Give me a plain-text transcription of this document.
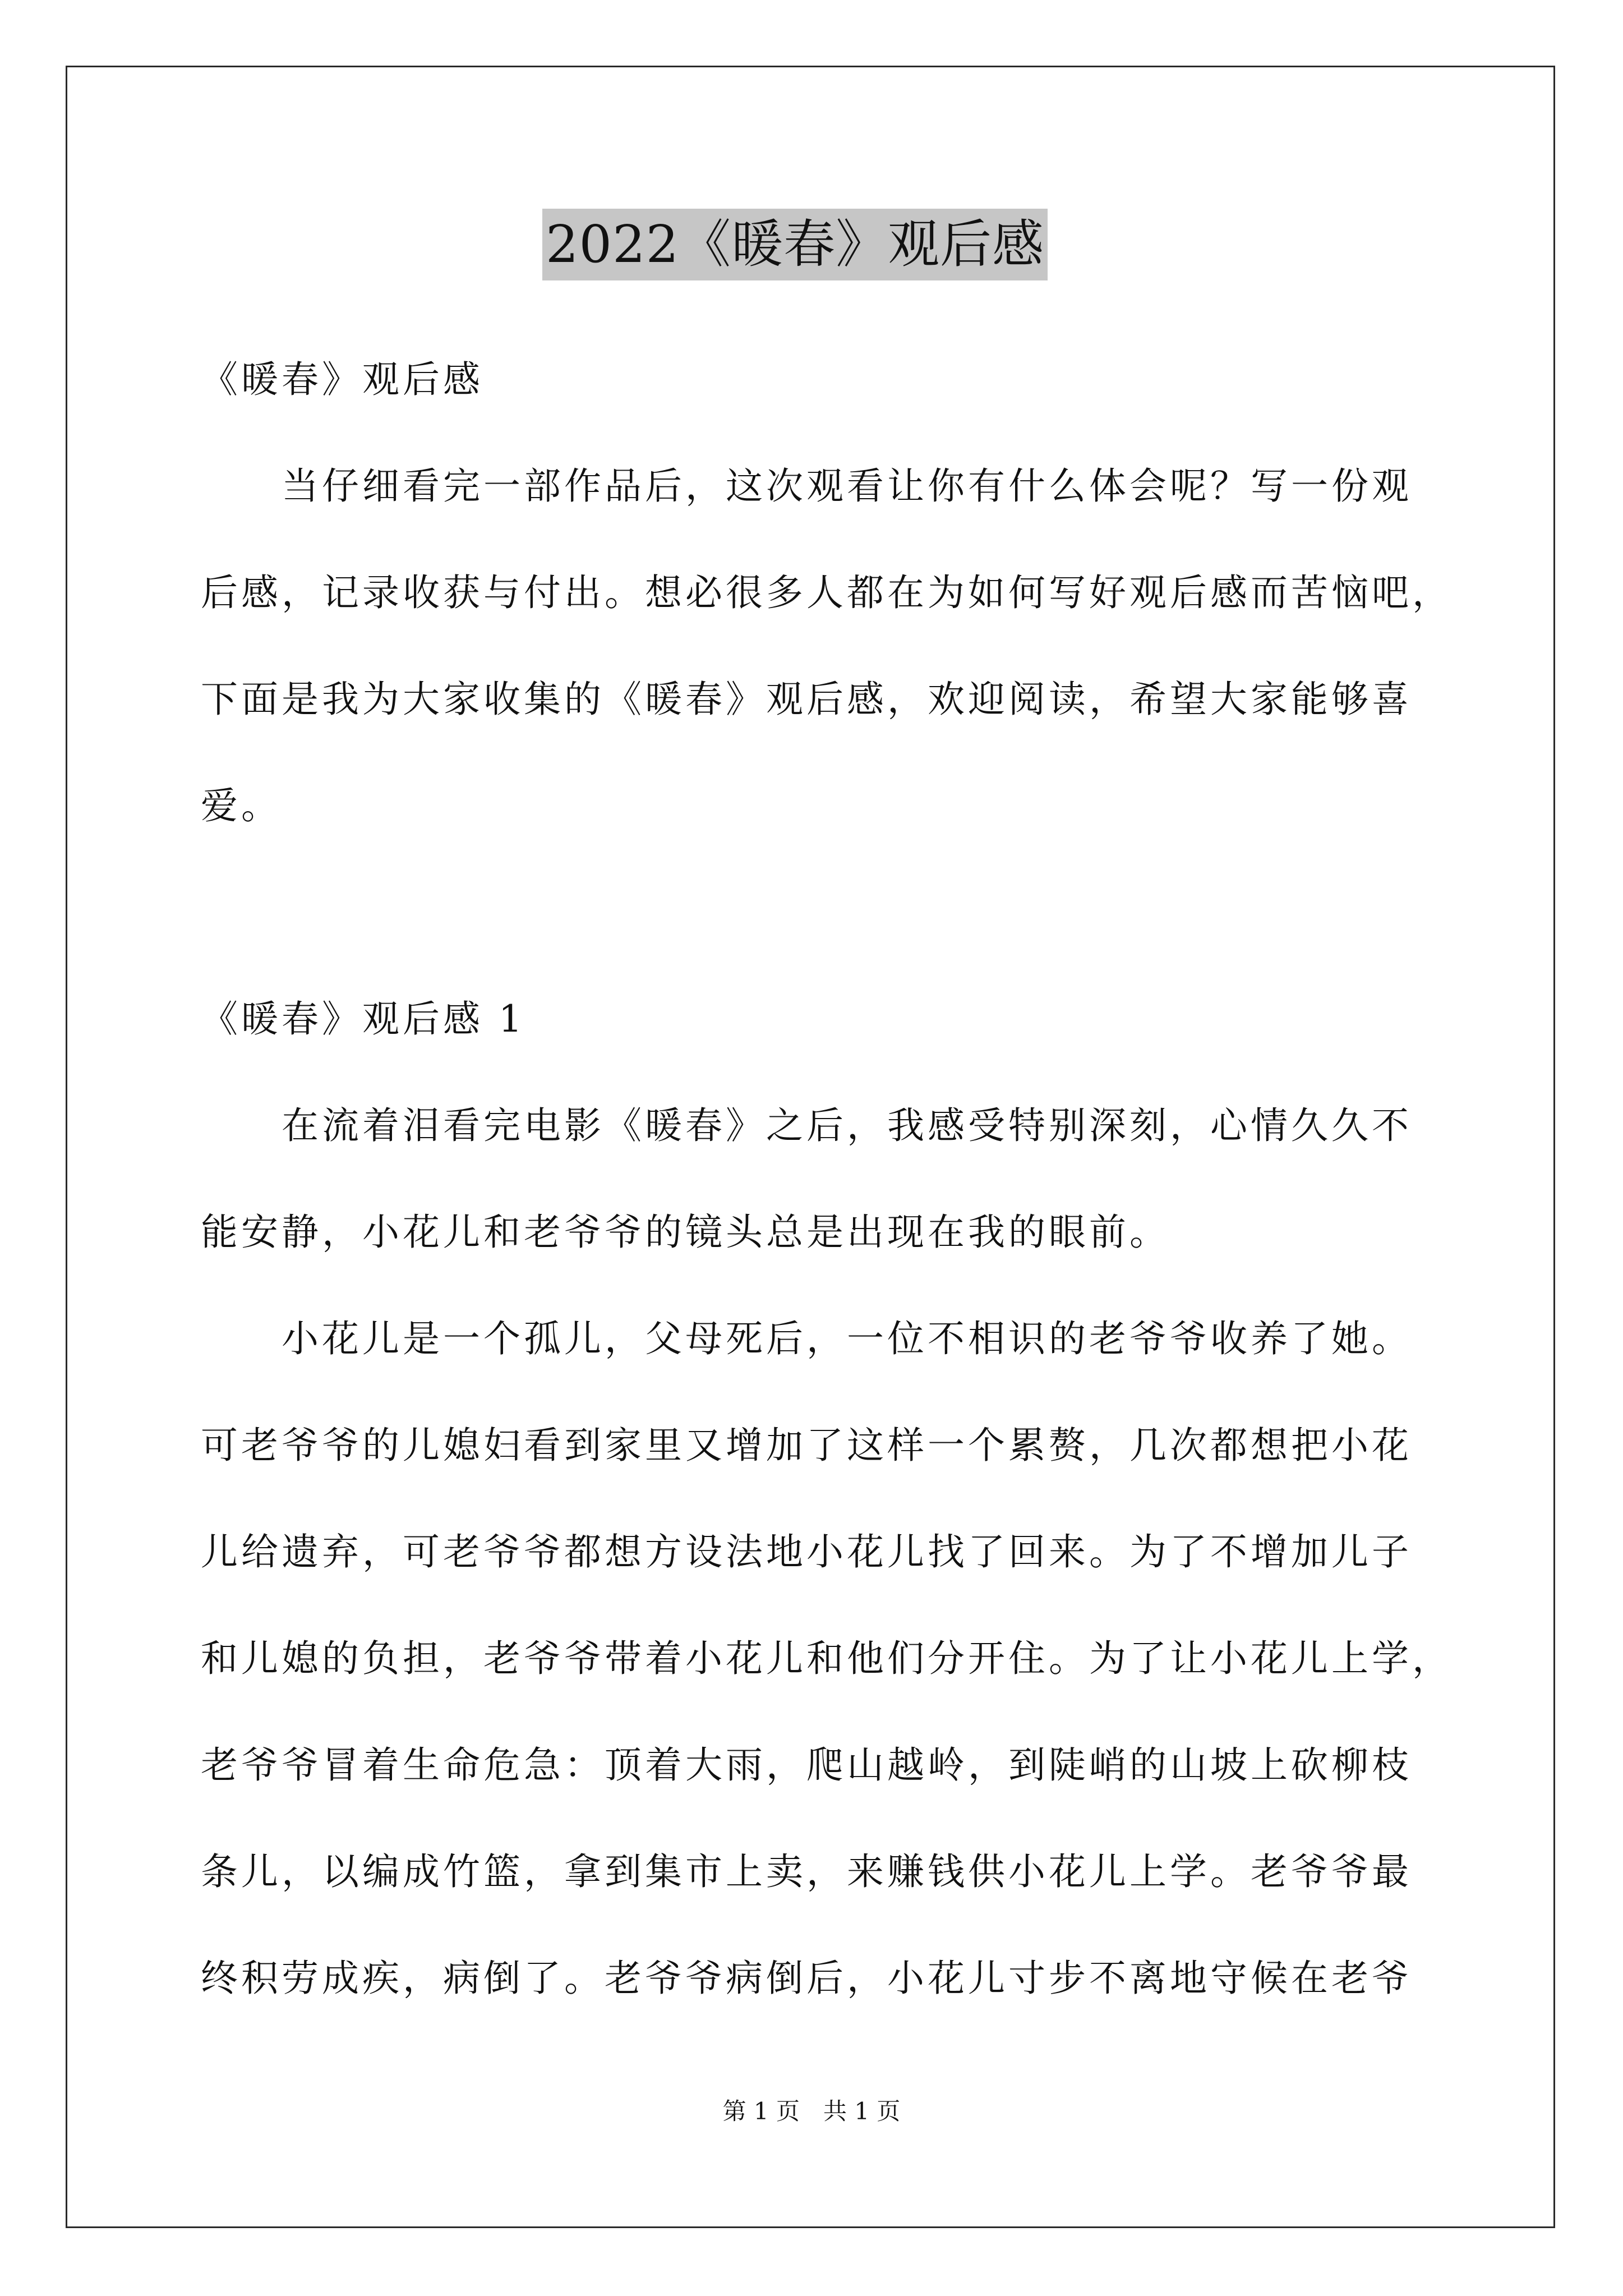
2022《暖春》观后感
《暖春》观后感
当仔细看完一部作品后，这次观看让你有什么体会呢？写一份观
后感，记录收获与付出。想必很多人都在为如何写好观后感而苦恼吧，
下面是我为大家收集的《暖春》观后感，欢迎阅读，希望大家能够喜
爱。
《暖春》观后感 1
在流着泪看完电影《暖春》之后，我感受特别深刻，心情久久不
能安静，小花儿和老爷爷的镜头总是出现在我的眼前。
小花儿是一个孤儿，父母死后，一位不相识的老爷爷收养了她。
可老爷爷的儿媳妇看到家里又增加了这样一个累赘，几次都想把小花
儿给遗弃，可老爷爷都想方设法地小花儿找了回来。为了不增加儿子
和儿媳的负担，老爷爷带着小花儿和他们分开住。为了让小花儿上学，
老爷爷冒着生命危急：顶着大雨，爬山越岭，到陡峭的山坡上砍柳枝
条儿，以编成竹篮，拿到集市上卖，来赚钱供小花儿上学。老爷爷最
终积劳成疾，病倒了。老爷爷病倒后，小花儿寸步不离地守候在老爷
第 1 页　共 1 页
